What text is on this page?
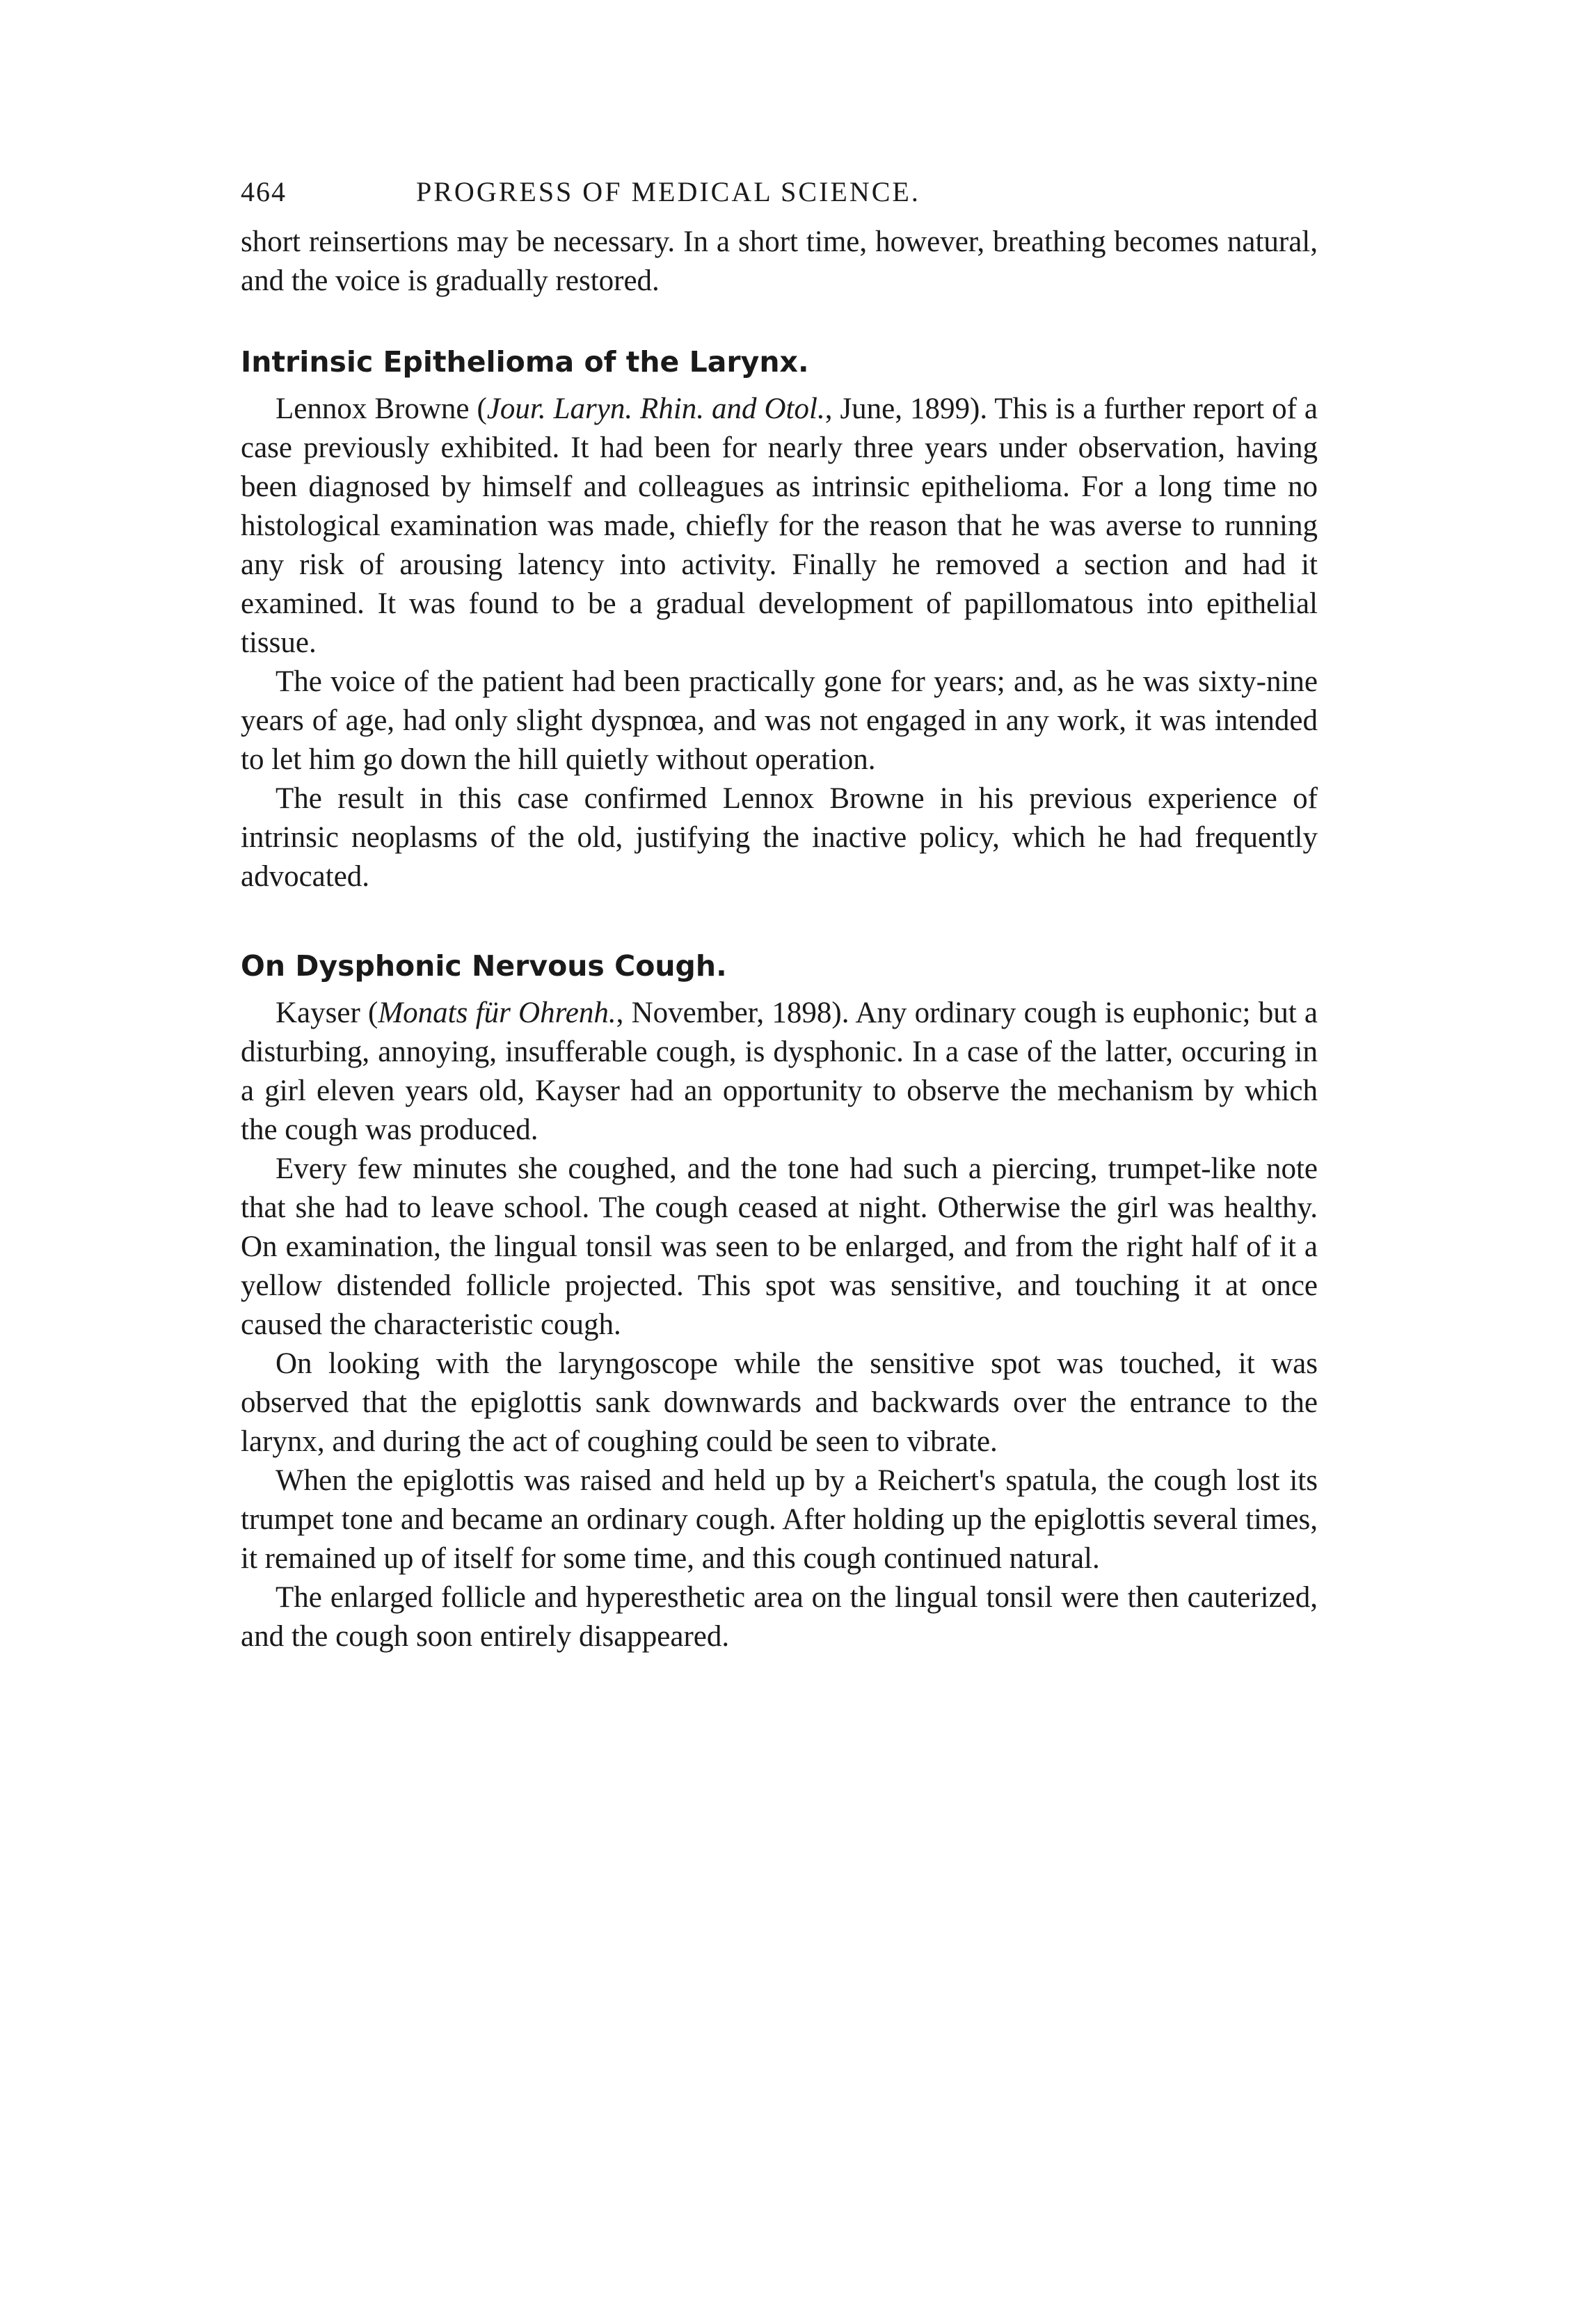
464	PROGRESS OF MEDICAL SCIENCE.

short reinsertions may be necessary. In a short time, however, breathing becomes natural, and the voice is gradually restored.

Intrinsic Epithelioma of the Larynx.

Lennox Browne (Jour. Laryn. Rhin. and Otol., June, 1899). This is a further report of a case previously exhibited. It had been for nearly three years under observation, having been diagnosed by himself and colleagues as intrinsic epithelioma. For a long time no histological examination was made, chiefly for the reason that he was averse to running any risk of arousing latency into activity. Finally he removed a section and had it examined. It was found to be a gradual development of papillomatous into epithelial tissue.

The voice of the patient had been practically gone for years; and, as he was sixty-nine years of age, had only slight dyspnœa, and was not engaged in any work, it was intended to let him go down the hill quietly without operation.

The result in this case confirmed Lennox Browne in his previous experience of intrinsic neoplasms of the old, justifying the inactive policy, which he had frequently advocated.

On Dysphonic Nervous Cough.

Kayser (Monats für Ohrenh., November, 1898). Any ordinary cough is euphonic; but a disturbing, annoying, insufferable cough, is dysphonic. In a case of the latter, occuring in a girl eleven years old, Kayser had an opportunity to observe the mechanism by which the cough was produced.

Every few minutes she coughed, and the tone had such a piercing, trumpet-like note that she had to leave school. The cough ceased at night. Otherwise the girl was healthy. On examination, the lingual tonsil was seen to be enlarged, and from the right half of it a yellow distended follicle projected. This spot was sensitive, and touching it at once caused the characteristic cough.

On looking with the laryngoscope while the sensitive spot was touched, it was observed that the epiglottis sank downwards and backwards over the entrance to the larynx, and during the act of coughing could be seen to vibrate.

When the epiglottis was raised and held up by a Reichert's spatula, the cough lost its trumpet tone and became an ordinary cough. After holding up the epiglottis several times, it remained up of itself for some time, and this cough continued natural.

The enlarged follicle and hyperesthetic area on the lingual tonsil were then cauterized, and the cough soon entirely disappeared.
